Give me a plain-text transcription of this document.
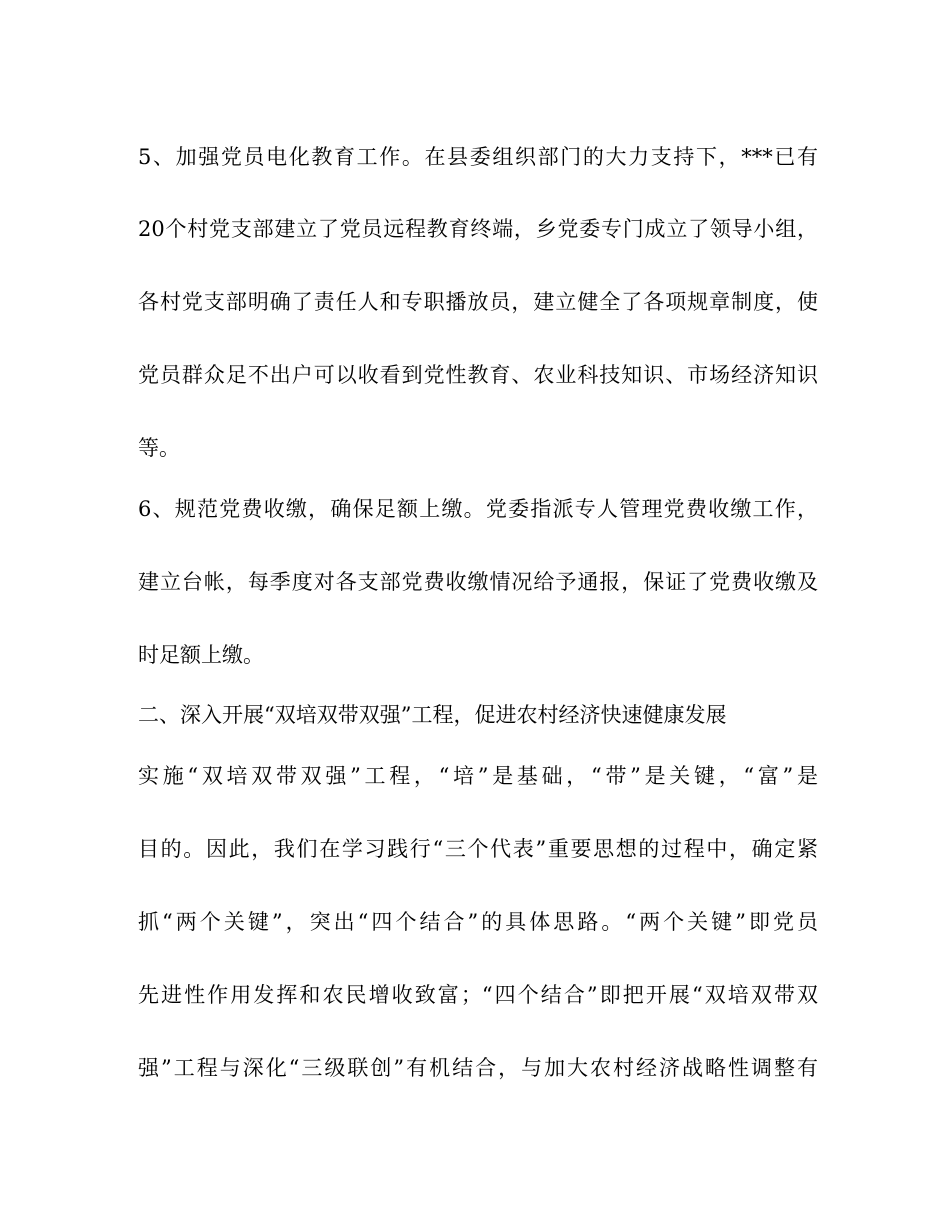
5、加强党员电化教育工作。在县委组织部门的大力支持下，***已有
20个村党支部建立了党员远程教育终端，乡党委专门成立了领导小组，
各村党支部明确了责任人和专职播放员，建立健全了各项规章制度，使
党员群众足不出户可以收看到党性教育、农业科技知识、市场经济知识
等。
6、规范党费收缴，确保足额上缴。党委指派专人管理党费收缴工作，
建立台帐，每季度对各支部党费收缴情况给予通报，保证了党费收缴及
时足额上缴。
二、深入开展“双培双带双强”工程，促进农村经济快速健康发展
实施“双培双带双强”工程，“培”是基础，“带”是关键，“富”是
目的。因此，我们在学习践行“三个代表”重要思想的过程中，确定紧
抓“两个关键”，突出“四个结合”的具体思路。“两个关键”即党员
先进性作用发挥和农民增收致富；“四个结合”即把开展“双培双带双
强”工程与深化“三级联创”有机结合，与加大农村经济战略性调整有
